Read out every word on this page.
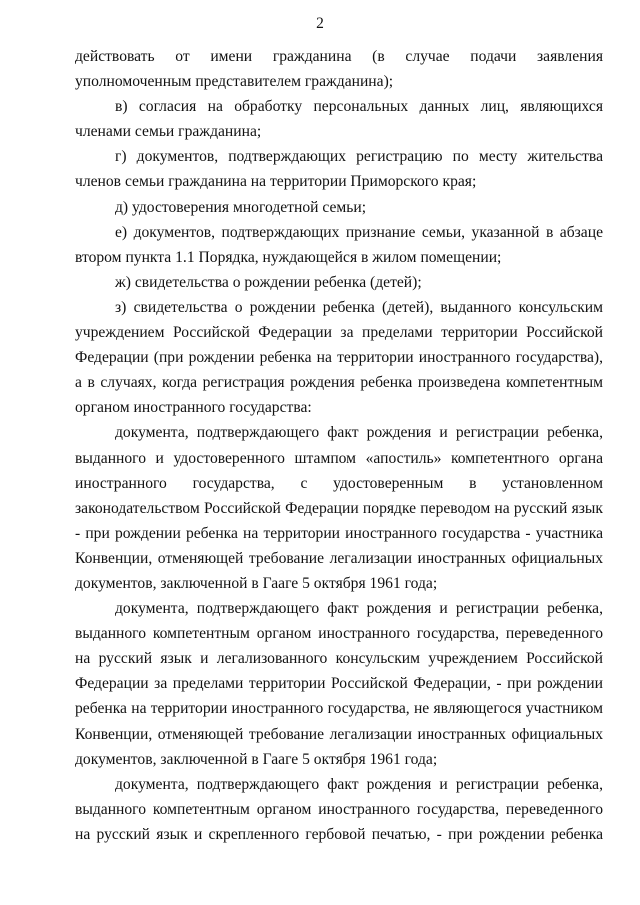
2

действовать от имени гражданина (в случае подачи заявления уполномоченным представителем гражданина);

в) согласия на обработку персональных данных лиц, являющихся членами семьи гражданина;

г) документов, подтверждающих регистрацию по месту жительства членов семьи гражданина на территории Приморского края;

д) удостоверения многодетной семьи;

е) документов, подтверждающих признание семьи, указанной в абзаце втором пункта 1.1 Порядка, нуждающейся в жилом помещении;

ж) свидетельства о рождении ребенка (детей);

з) свидетельства о рождении ребенка (детей), выданного консульским учреждением Российской Федерации за пределами территории Российской Федерации (при рождении ребенка на территории иностранного государства), а в случаях, когда регистрация рождения ребенка произведена компетентным органом иностранного государства:

документа, подтверждающего факт рождения и регистрации ребенка, выданного и удостоверенного штампом «апостиль» компетентного органа иностранного государства, с удостоверенным в установленном законодательством Российской Федерации порядке переводом на русский язык - при рождении ребенка на территории иностранного государства - участника Конвенции, отменяющей требование легализации иностранных официальных документов, заключенной в Гааге 5 октября 1961 года;

документа, подтверждающего факт рождения и регистрации ребенка, выданного компетентным органом иностранного государства, переведенного на русский язык и легализованного консульским учреждением Российской Федерации за пределами территории Российской Федерации, - при рождении ребенка на территории иностранного государства, не являющегося участником Конвенции, отменяющей требование легализации иностранных официальных документов, заключенной в Гааге 5 октября 1961 года;

документа, подтверждающего факт рождения и регистрации ребенка, выданного компетентным органом иностранного государства, переведенного на русский язык и скрепленного гербовой печатью, - при рождении ребенка
